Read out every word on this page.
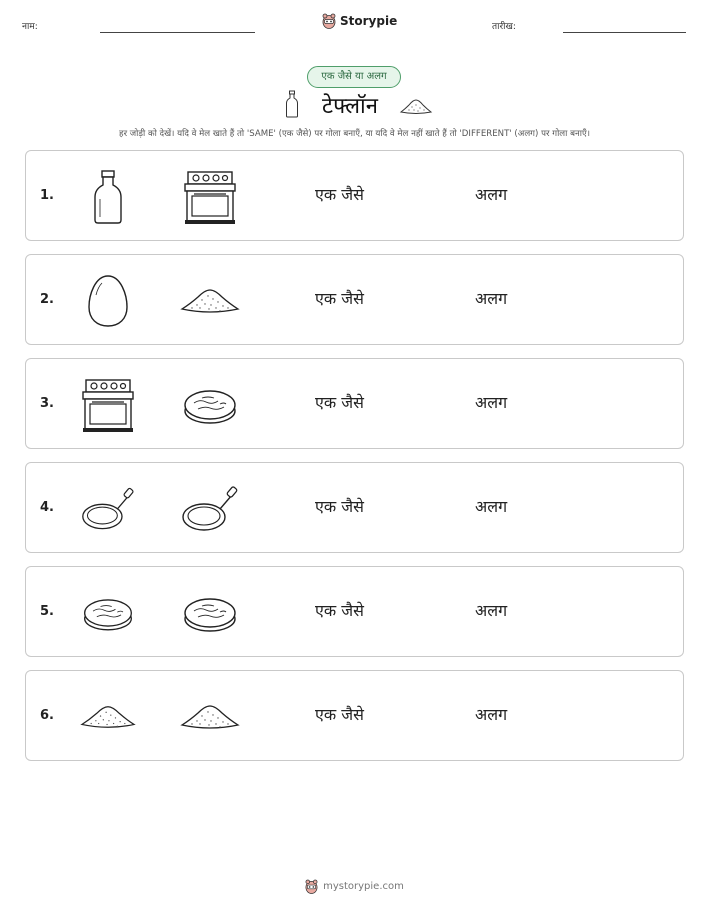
नाम:	Storypie	तारीख:
एक जैसे या अलग
टेफ्लॉन
हर जोड़ी को देखें। यदि वे मेल खाते हैं तो 'SAME' (एक जैसे) पर गोला बनाएँ, या यदि वे मेल नहीं खाते हैं तो 'DIFFERENT' (अलग) पर गोला बनाएँ।
1.	एक जैसे	अलग
2.	एक जैसे	अलग
3.	एक जैसे	अलग
4.	एक जैसे	अलग
5.	एक जैसे	अलग
6.	एक जैसे	अलग
mystorypie.com
